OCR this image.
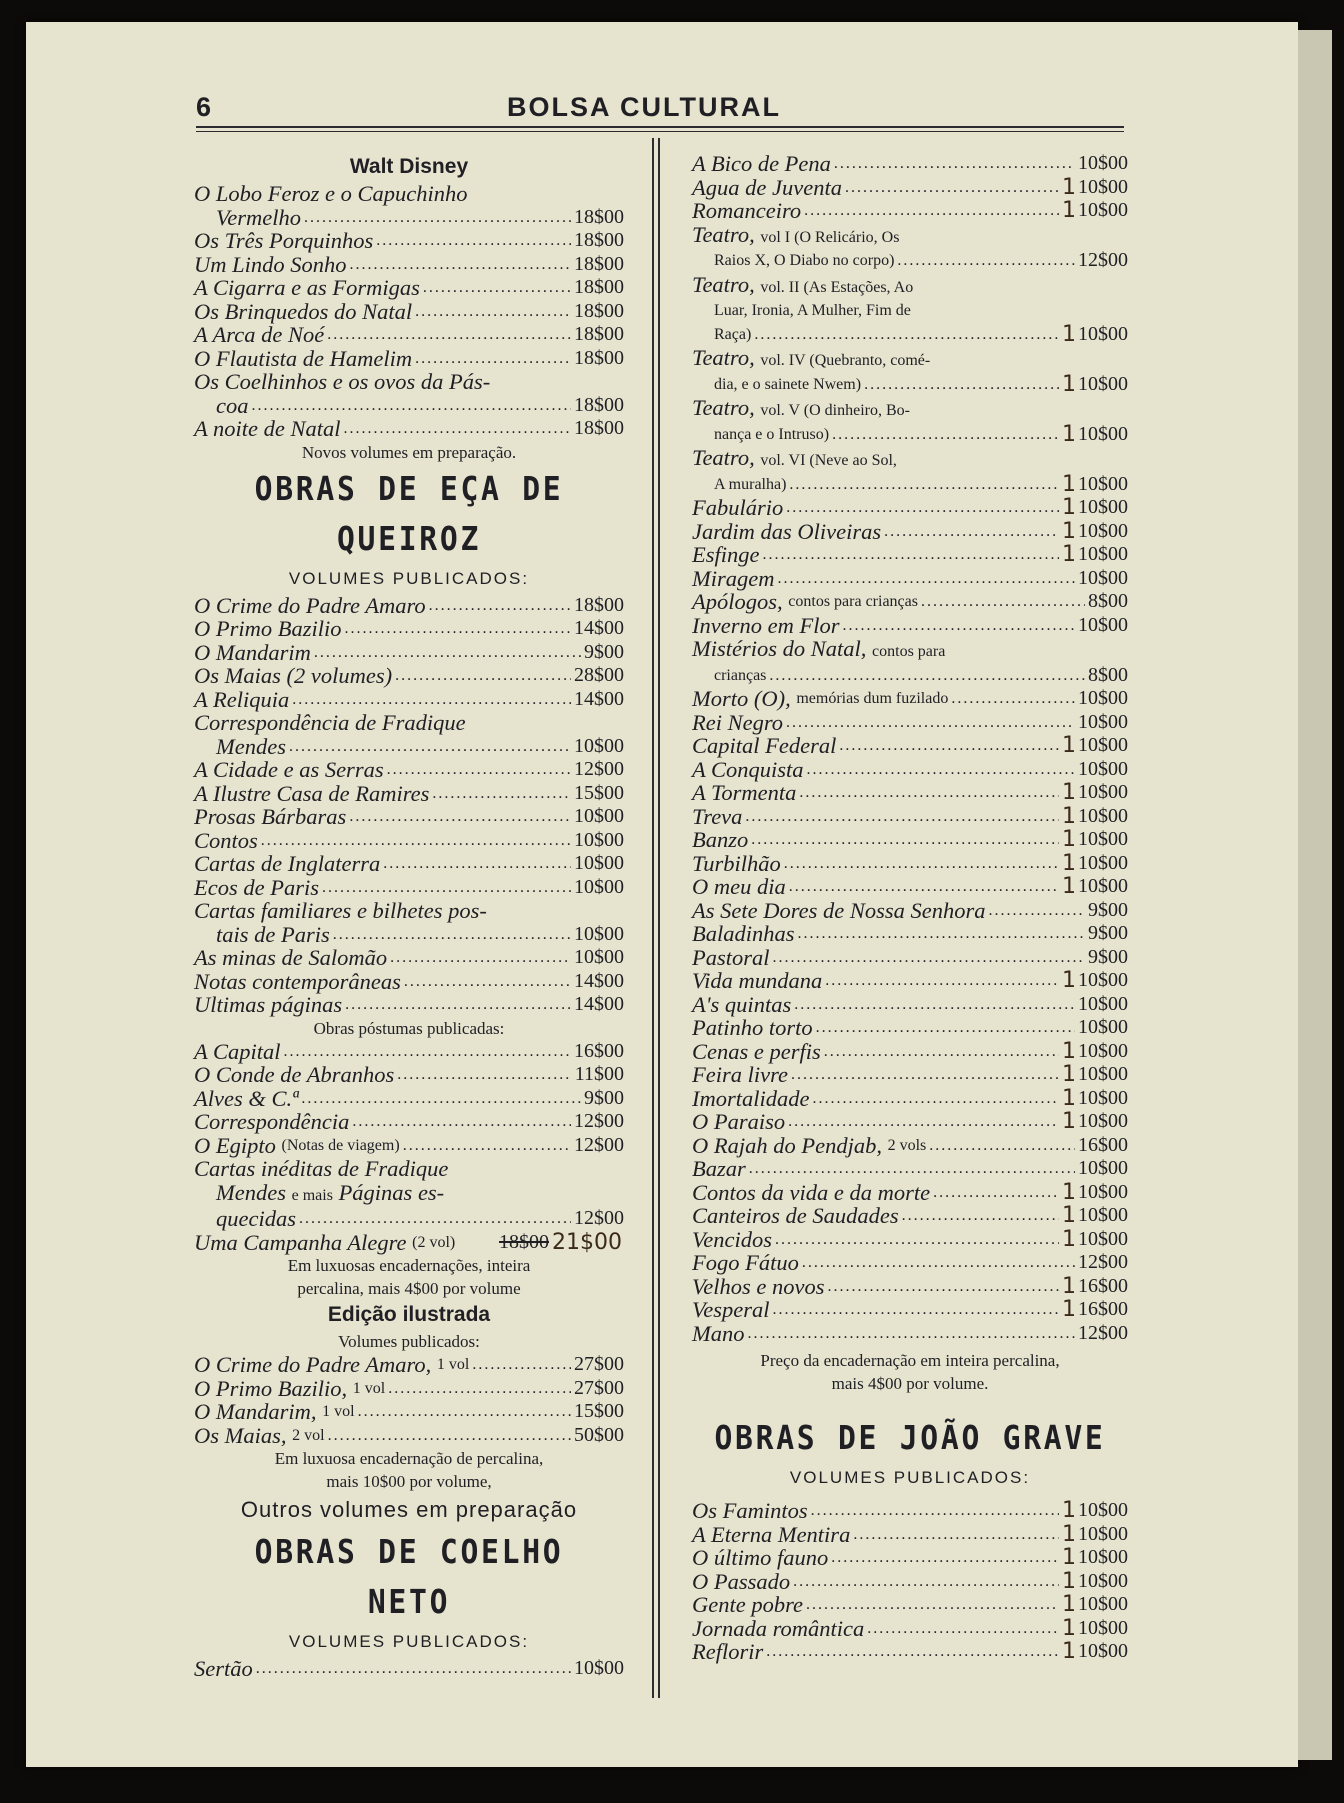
6	BOLSA CULTURAL
Walt Disney
O Lobo Feroz e o Capuchinho
Vermelho .....	18$00
Os Três Porquinhos .....	18$00
Um Lindo Sonho .....	18$00
A Cigarra e as Formigas .....	18$00
Os Brinquedos do Natal .....	18$00
A Arca de Noé .....	18$00
O Flautista de Hamelim .....	18$00
Os Coelhinhos e os ovos da Pás-
coa .....	18$00
A noite de Natal .....	18$00
Novos volumes em preparação.
OBRAS DE EÇA DE QUEIROZ
VOLUMES PUBLICADOS:
O Crime do Padre Amaro .....	18$00
O Primo Bazilio .....	14$00
O Mandarim .....	9$00
Os Maias (2 volumes) .....	28$00
A Reliquia .....	14$00
Correspondência de Fradique
Mendes .....	10$00
A Cidade e as Serras .....	12$00
A Ilustre Casa de Ramires .....	15$00
Prosas Bárbaras .....	10$00
Contos .....	10$00
Cartas de Inglaterra .....	10$00
Ecos de Paris .....	10$00
Cartas familiares e bilhetes pos-
tais de Paris .....	10$00
As minas de Salomão .....	10$00
Notas contemporâneas .....	14$00
Ultimas páginas .....	14$00
Obras póstumas publicadas:
A Capital .....	16$00
O Conde de Abranhos .....	11$00
Alves & C.ª .....	9$00
Correspondência .....	12$00
O Egipto
(Notas de viagem) .....	12$00
Cartas inéditas de Fradique
Mendes e mais Páginas es-
quecidas .....	12$00
Uma Campanha Alegre
(2 vol) 18$00 21$00
Em luxuosas encadernações, inteira
percalina, mais 4$00 por volume
Edição ilustrada
Volumes publicados:
O Crime do Padre Amaro,
1 vol .....	27$00
O Primo Bazilio,
1 vol .....	27$00
O Mandarim,
1 vol .....	15$00
Os Maias,
2 vol .....	50$00
Em luxuosa encadernação de percalina,
mais 10$00 por volume,
Outros volumes em preparação
OBRAS DE COELHO NETO
VOLUMES PUBLICADOS:
Sertão .....	10$00
A Bico de Pena .....	10$00
Agua de Juventa .....	1 10$00
Romanceiro .....	1 10$00
Teatro, vol I (O Relicário, Os
Raios X, O Diabo no corpo) .....	12$00
Teatro, vol. II (As Estações, Ao
Luar, Ironia, A Mulher, Fim de
Raça) .....	1 10$00
Teatro, vol. IV (Quebranto, comé-
dia, e o sainete Nwem) .....	1 10$00
Teatro, vol. V (O dinheiro, Bo-
nança e o Intruso) .....	1 10$00
Teatro, vol. VI (Neve ao Sol,
A muralha) .....	1 10$00
Fabulário .....	1 10$00
Jardim das Oliveiras .....	1 10$00
Esfinge .....	1 10$00
Miragem .....	10$00
Apólogos,
contos para crianças .....	8$00
Inverno em Flor .....	10$00
Mistérios do Natal, contos para
crianças .....	8$00
Morto (O),
memórias dum fuzilado .....	10$00
Rei Negro .....	10$00
Capital Federal .....	1 10$00
A Conquista .....	10$00
A Tormenta .....	1 10$00
Treva .....	1 10$00
Banzo .....	1 10$00
Turbilhão .....	1 10$00
O meu dia .....	1 10$00
As Sete Dores de Nossa Senhora .....	9$00
Baladinhas .....	9$00
Pastoral .....	9$00
Vida mundana .....	1 10$00
A's quintas .....	10$00
Patinho torto .....	10$00
Cenas e perfis .....	1 10$00
Feira livre .....	1 10$00
Imortalidade .....	1 10$00
O Paraiso .....	1 10$00
O Rajah do Pendjab,
2 vols .....	16$00
Bazar .....	10$00
Contos da vida e da morte .....	1 10$00
Canteiros de Saudades .....	1 10$00
Vencidos .....	1 10$00
Fogo Fátuo .....	12$00
Velhos e novos .....	1 16$00
Vesperal .....	1 16$00
Mano .....	12$00
Preço da encadernação em inteira percalina,
mais 4$00 por volume.
OBRAS DE JOÃO GRAVE
VOLUMES PUBLICADOS:
Os Famintos .....	1 10$00
A Eterna Mentira .....	1 10$00
O último fauno .....	1 10$00
O Passado .....	1 10$00
Gente pobre .....	1 10$00
Jornada romântica .....	1 10$00
Reflorir .....	1 10$00
